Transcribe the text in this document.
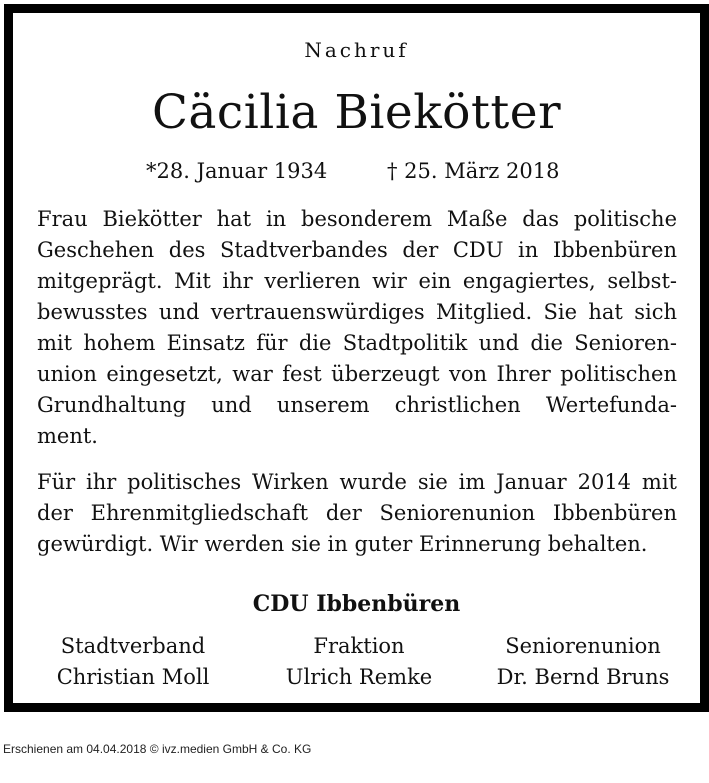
Nachruf
Cäcilia Biekötter
*28. Januar 1934	† 25. März 2018

Frau Biekötter hat in besonderem Maße das politische
Geschehen des Stadtverbandes der CDU in Ibbenbüren
mitgeprägt. Mit ihr verlieren wir ein engagiertes, selbst-
bewusstes und vertrauenswürdiges Mitglied. Sie hat sich
mit hohem Einsatz für die Stadtpolitik und die Senioren-
union eingesetzt, war fest überzeugt von Ihrer politischen
Grundhaltung und unserem christlichen Wertefunda-
ment.

Für ihr politisches Wirken wurde sie im Januar 2014 mit
der Ehrenmitgliedschaft der Seniorenunion Ibbenbüren
gewürdigt. Wir werden sie in guter Erinnerung behalten.

CDU Ibbenbüren
Stadtverband
Christian Moll
Fraktion
Ulrich Remke
Seniorenunion
Dr. Bernd Bruns
Erschienen am 04.04.2018 © ivz.medien GmbH & Co. KG
